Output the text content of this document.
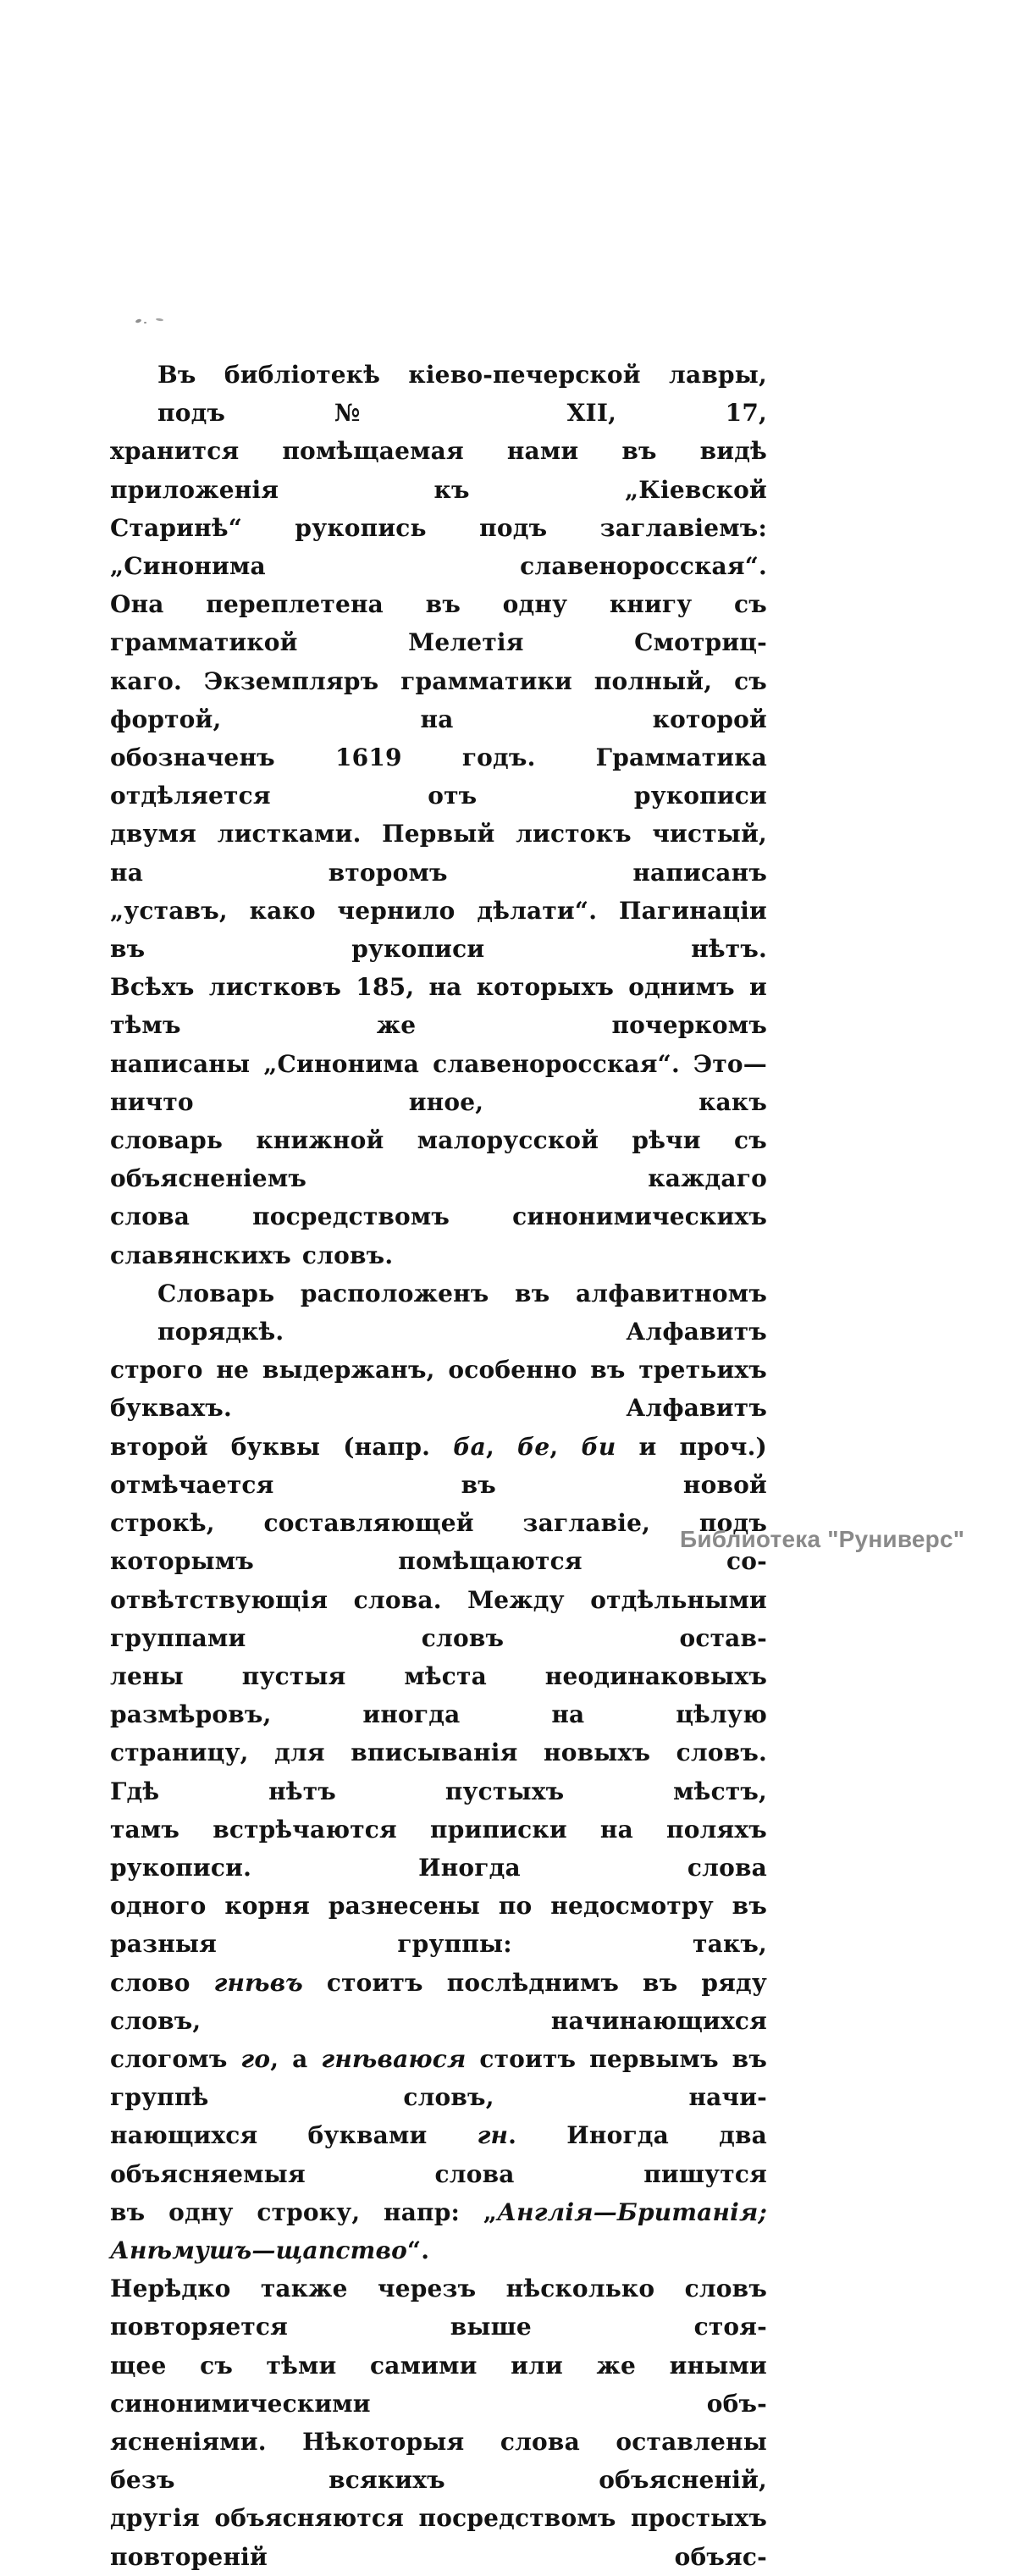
Въ библіотекѣ кіево-печерской лавры, подъ № XII, 17,
хранится помѣщаемая нами въ видѣ приложенія къ „Кіевской
Старинѣ“ рукопись подъ заглавіемъ: „Синонима славеноросская“.
Она переплетена въ одну книгу съ грамматикой Мелетія Смотриц-
каго. Экземпляръ грамматики полный, съ фортой, на которой
обозначенъ 1619 годъ. Грамматика отдѣляется отъ рукописи
двумя листками. Первый листокъ чистый, на второмъ написанъ
„уставъ, како чернило дѣлати“. Пагинаціи въ рукописи нѣтъ.
Всѣхъ листковъ 185, на которыхъ однимъ и тѣмъ же почеркомъ
написаны „Синонима славеноросская“. Это—ничто иное, какъ
словарь книжной малорусской рѣчи съ объясненіемъ каждаго
слова посредствомъ синонимическихъ славянскихъ словъ.
Словарь расположенъ въ алфавитномъ порядкѣ. Алфавитъ
строго не выдержанъ, особенно въ третьихъ буквахъ. Алфавитъ
второй буквы (напр. ба, бе, би и проч.) отмѣчается въ новой
строкѣ, составляющей заглавіе, подъ которымъ помѣщаются со-
отвѣтствующія слова. Между отдѣльными группами словъ остав-
лены пустыя мѣста неодинаковыхъ размѣровъ, иногда на цѣлую
страницу, для вписыванія новыхъ словъ. Гдѣ нѣтъ пустыхъ мѣстъ,
тамъ встрѣчаются приписки на поляхъ рукописи. Иногда слова
одного корня разнесены по недосмотру въ разныя группы: такъ,
слово гнѣвъ стоитъ послѣднимъ въ ряду словъ, начинающихся
слогомъ го, а гнѣваюся стоитъ первымъ въ группѣ словъ, начи-
нающихся буквами гн. Иногда два объясняемыя слова пишутся
въ одну строку, напр: „Англія—Британія; Анѣмушъ—щапство“.
Нерѣдко также черезъ нѣсколько словъ повторяется выше стоя-
щее съ тѣми самими или же иными синонимическими объ-
ясненіями. Нѣкоторыя слова оставлены безъ всякихъ объясненій,
другія объясняются посредствомъ простыхъ повтореній объяс-
Библиотека "Руниверс"
